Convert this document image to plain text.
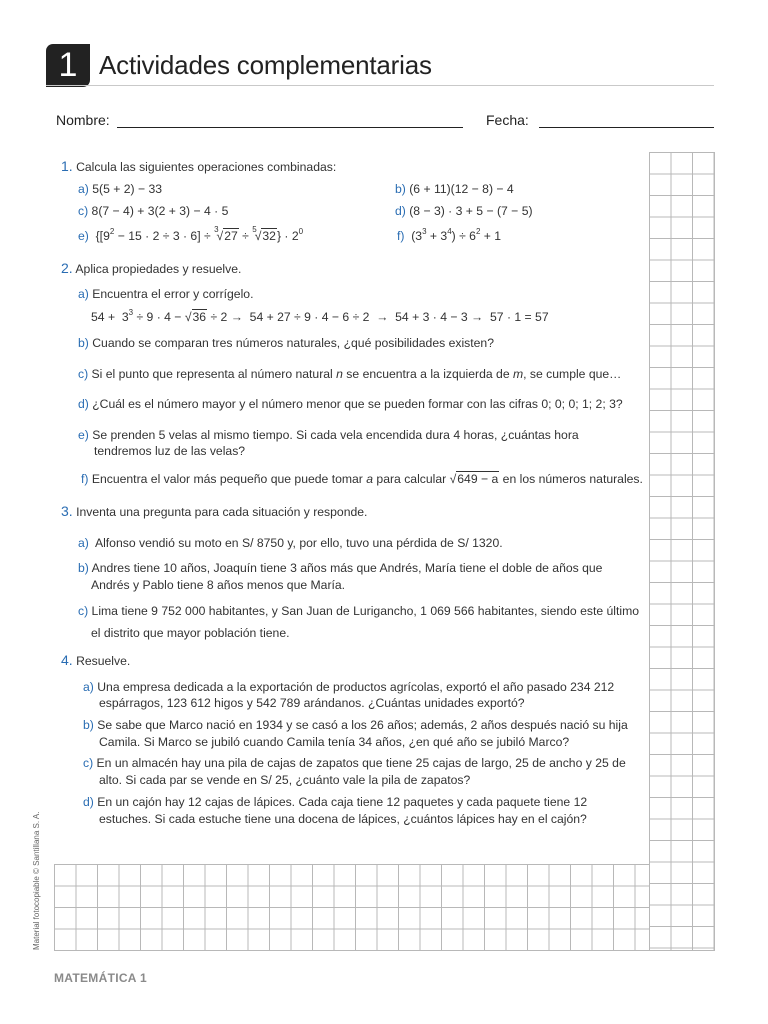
1 Actividades complementarias
Nombre:	Fecha:
1. Calcula las siguientes operaciones combinadas:
a) 5(5 + 2) − 33	b) (6 + 11)(12 − 8) − 4
c) 8(7 − 4) + 3(2 + 3) − 4 · 5	d) (8 − 3) · 3 + 5 − (7 − 5)
e)  $\{[9^2 - 15 \cdot 2 \div 3 \cdot 6] \div ^3√27 \div ^5√32\} \cdot 2^0$	f)  $(3^3 + 3^4) \div 6^2 + 1$
2. Aplica propiedades y resuelve.
a) Encuentra el error y corrígelo.
$54 + 3^3 \div 9 \cdot 4 - √36 \div 2 \to 54 + 27 \div 9 \cdot 4 - 6 \div 2 \to 54 + 3 \cdot 4 - 3 \to 57 \cdot 1 = 57$
b) Cuando se comparan tres números naturales, ¿qué posibilidades existen?
c) Si el punto que representa al número natural n se encuentra a la izquierda de m, se cumple que…
d) ¿Cuál es el número mayor y el número menor que se pueden formar con las cifras 0; 0; 0; 1; 2; 3?
e) Se prenden 5 velas al mismo tiempo. Si cada vela encendida dura 4 horas, ¿cuántas hora
tendremos luz de las velas?
f) Encuentra el valor más pequeño que puede tomar a para calcular √649 − a en los números naturales.
3. Inventa una pregunta para cada situación y responde.
a) Alfonso vendió su moto en S/ 8750 y, por ello, tuvo una pérdida de S/ 1320.
b) Andres tiene 10 años, Joaquín tiene 3 años más que Andrés, María tiene el doble de años que
Andrés y Pablo tiene 8 años menos que María.
c) Lima tiene 9 752 000 habitantes, y San Juan de Lurigancho, 1 069 566 habitantes, siendo este último
el distrito que mayor población tiene.
4. Resuelve.
a) Una empresa dedicada a la exportación de productos agrícolas, exportó el año pasado 234 212
espárragos, 123 612 higos y 542 789 arándanos. ¿Cuántas unidades exportó?
b) Se sabe que Marco nació en 1934 y se casó a los 26 años; además, 2 años después nació su hija
Camila. Si Marco se jubiló cuando Camila tenía 34 años, ¿en qué año se jubiló Marco?
c) En un almacén hay una pila de cajas de zapatos que tiene 25 cajas de largo, 25 de ancho y 25 de
alto. Si cada par se vende en S/ 25, ¿cuánto vale la pila de zapatos?
d) En un cajón hay 12 cajas de lápices. Cada caja tiene 12 paquetes y cada paquete tiene 12
estuches. Si cada estuche tiene una docena de lápices, ¿cuántos lápices hay en el cajón?
Material fotocopiable © Santillana S. A.
MATEMÁTICA 1
